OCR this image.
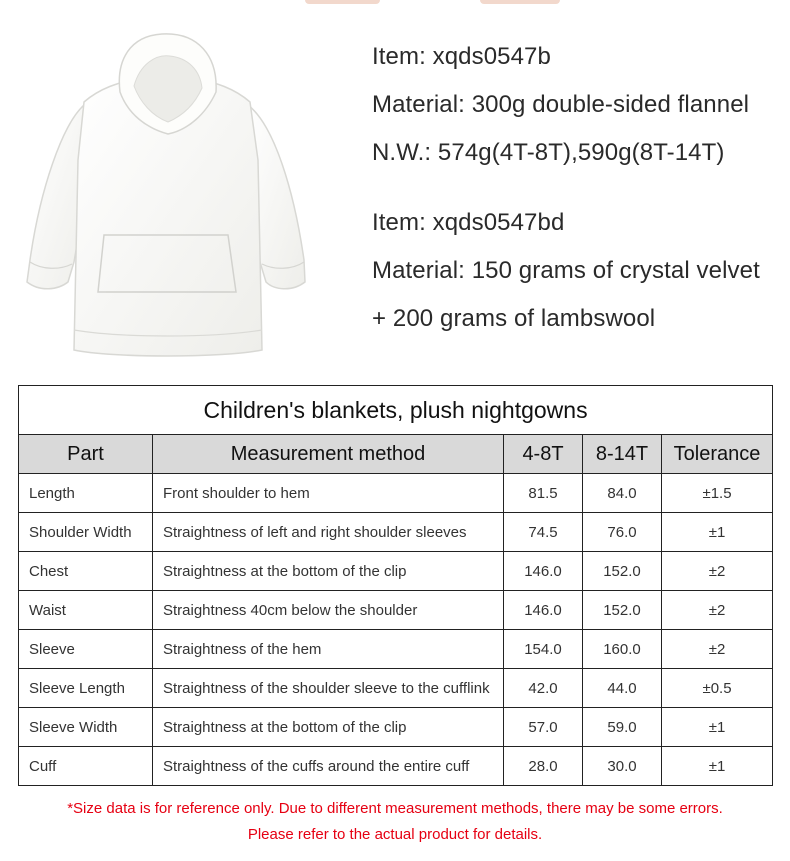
Item: xqds0547b
Material: 300g double-sided flannel
N.W.: 574g(4T-8T),590g(8T-14T)
Item: xqds0547bd
Material: 150 grams of crystal velvet
+ 200 grams of lambswool
Children's blankets, plush nightgowns				
Part	Measurement method	4-8T	8-14T	Tolerance
Length	Front shoulder to hem	81.5	84.0	±1.5
Shoulder Width	Straightness of left and right shoulder sleeves	74.5	76.0	±1
Chest	Straightness at the bottom of the clip	146.0	152.0	±2
Waist	Straightness 40cm below the shoulder	146.0	152.0	±2
Sleeve	Straightness of the hem	154.0	160.0	±2
Sleeve Length	Straightness of the shoulder sleeve to the cufflink	42.0	44.0	±0.5
Sleeve Width	Straightness at the bottom of the clip	57.0	59.0	±1
Cuff	Straightness of the cuffs around the entire cuff	28.0	30.0	±1
*Size data is for reference only. Due to different measurement methods, there may be some errors.
Please refer to the actual product for details.
